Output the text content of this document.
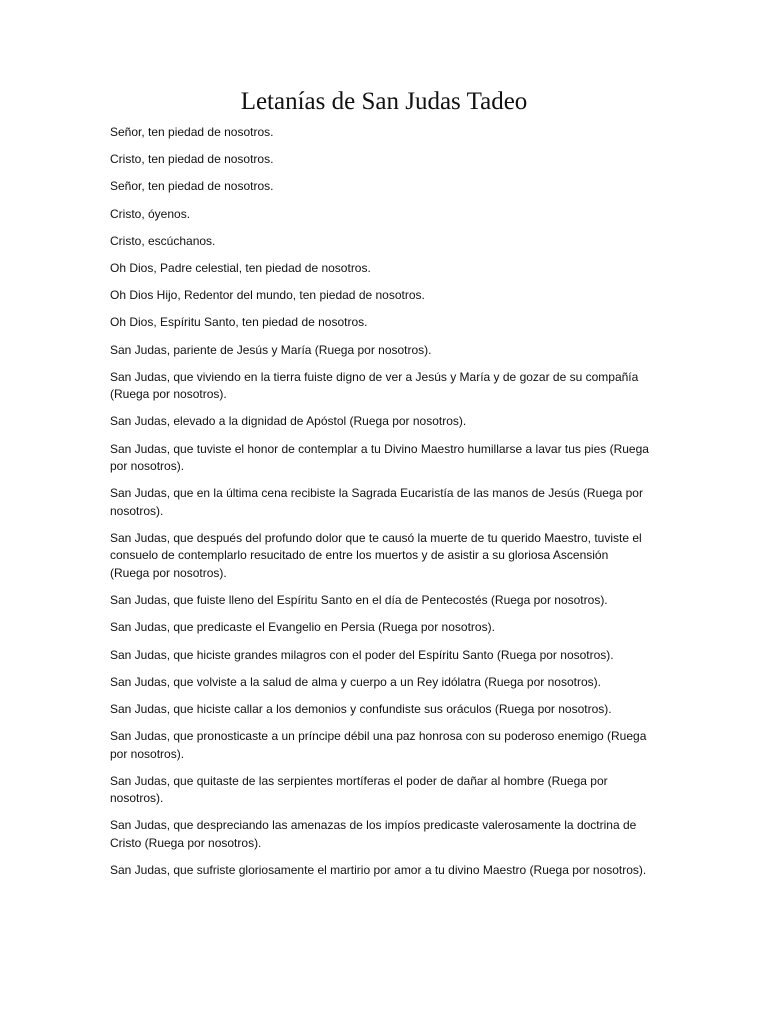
Letanías de San Judas Tadeo

Señor, ten piedad de nosotros.

Cristo, ten piedad de nosotros.

Señor, ten piedad de nosotros.

Cristo, óyenos.

Cristo, escúchanos.

Oh Dios, Padre celestial, ten piedad de nosotros.

Oh Dios Hijo, Redentor del mundo, ten piedad de nosotros.

Oh Dios, Espíritu Santo, ten piedad de nosotros.

San Judas, pariente de Jesús y María (Ruega por nosotros).

San Judas, que viviendo en la tierra fuiste digno de ver a Jesús y María y de gozar de su compañía (Ruega por nosotros).

San Judas, elevado a la dignidad de Apóstol (Ruega por nosotros).

San Judas, que tuviste el honor de contemplar a tu Divino Maestro humillarse a lavar tus pies (Ruega por nosotros).

San Judas, que en la última cena recibiste la Sagrada Eucaristía de las manos de Jesús (Ruega por nosotros).

San Judas, que después del profundo dolor que te causó la muerte de tu querido Maestro, tuviste el consuelo de contemplarlo resucitado de entre los muertos y de asistir a su gloriosa Ascensión (Ruega por nosotros).

San Judas, que fuiste lleno del Espíritu Santo en el día de Pentecostés (Ruega por nosotros).

San Judas, que predicaste el Evangelio en Persia (Ruega por nosotros).

San Judas, que hiciste grandes milagros con el poder del Espíritu Santo (Ruega por nosotros).

San Judas, que volviste a la salud de alma y cuerpo a un Rey idólatra (Ruega por nosotros).

San Judas, que hiciste callar a los demonios y confundiste sus oráculos (Ruega por nosotros).

San Judas, que pronosticaste a un príncipe débil una paz honrosa con su poderoso enemigo (Ruega por nosotros).

San Judas, que quitaste de las serpientes mortíferas el poder de dañar al hombre (Ruega por nosotros).

San Judas, que despreciando las amenazas de los impíos predicaste valerosamente la doctrina de Cristo (Ruega por nosotros).

San Judas, que sufriste gloriosamente el martirio por amor a tu divino Maestro (Ruega por nosotros).
